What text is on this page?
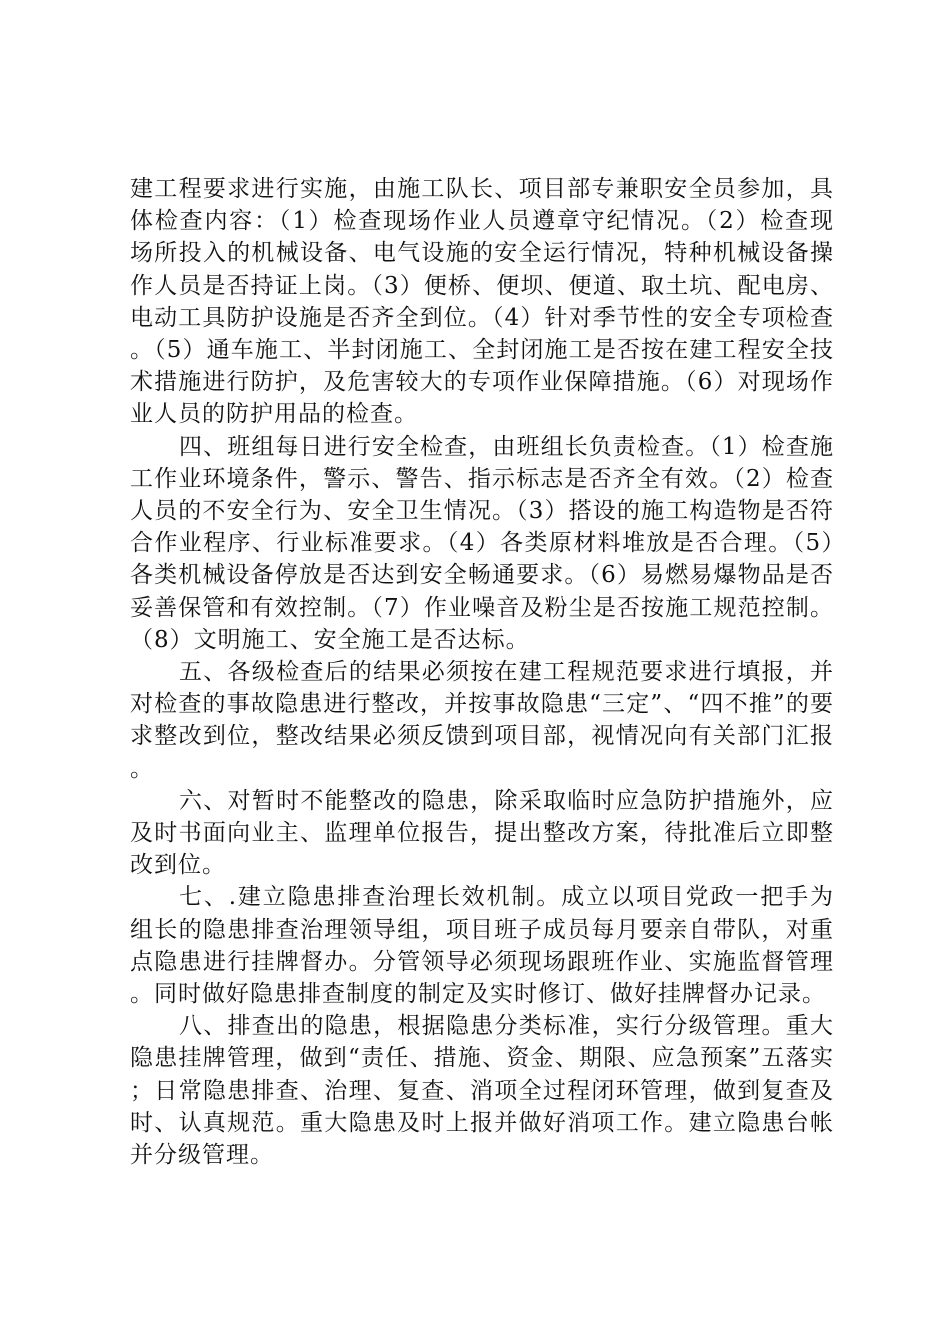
建工程要求进行实施，由施工队长、项目部专兼职安全员参加，具体检查内容：（1）检查现场作业人员遵章守纪情况。（2）检查现场所投入的机械设备、电气设施的安全运行情况，特种机械设备操作人员是否持证上岗。（3）便桥、便坝、便道、取土坑、配电房、电动工具防护设施是否齐全到位。（4）针对季节性的安全专项检查。（5）通车施工、半封闭施工、全封闭施工是否按在建工程安全技术措施进行防护，及危害较大的专项作业保障措施。（6）对现场作业人员的防护用品的检查。

四、班组每日进行安全检查，由班组长负责检查。（1）检查施工作业环境条件，警示、警告、指示标志是否齐全有效。（2）检查人员的不安全行为、安全卫生情况。（3）搭设的施工构造物是否符合作业程序、行业标准要求。（4）各类原材料堆放是否合理。（5）各类机械设备停放是否达到安全畅通要求。（6）易燃易爆物品是否妥善保管和有效控制。（7）作业噪音及粉尘是否按施工规范控制。（8）文明施工、安全施工是否达标。

五、各级检查后的结果必须按在建工程规范要求进行填报，并对检查的事故隐患进行整改，并按事故隐患“三定”、“四不推”的要求整改到位，整改结果必须反馈到项目部，视情况向有关部门汇报。

六、对暂时不能整改的隐患，除采取临时应急防护措施外，应及时书面向业主、监理单位报告，提出整改方案，待批准后立即整改到位。

七、.建立隐患排查治理长效机制。成立以项目党政一把手为组长的隐患排查治理领导组，项目班子成员每月要亲自带队，对重点隐患进行挂牌督办。分管领导必须现场跟班作业、实施监督管理。同时做好隐患排查制度的制定及实时修订、做好挂牌督办记录。

八、排查出的隐患，根据隐患分类标准，实行分级管理。重大隐患挂牌管理，做到“责任、措施、资金、期限、应急预案”五落实；日常隐患排查、治理、复查、消项全过程闭环管理，做到复查及时、认真规范。重大隐患及时上报并做好消项工作。建立隐患台帐并分级管理。
